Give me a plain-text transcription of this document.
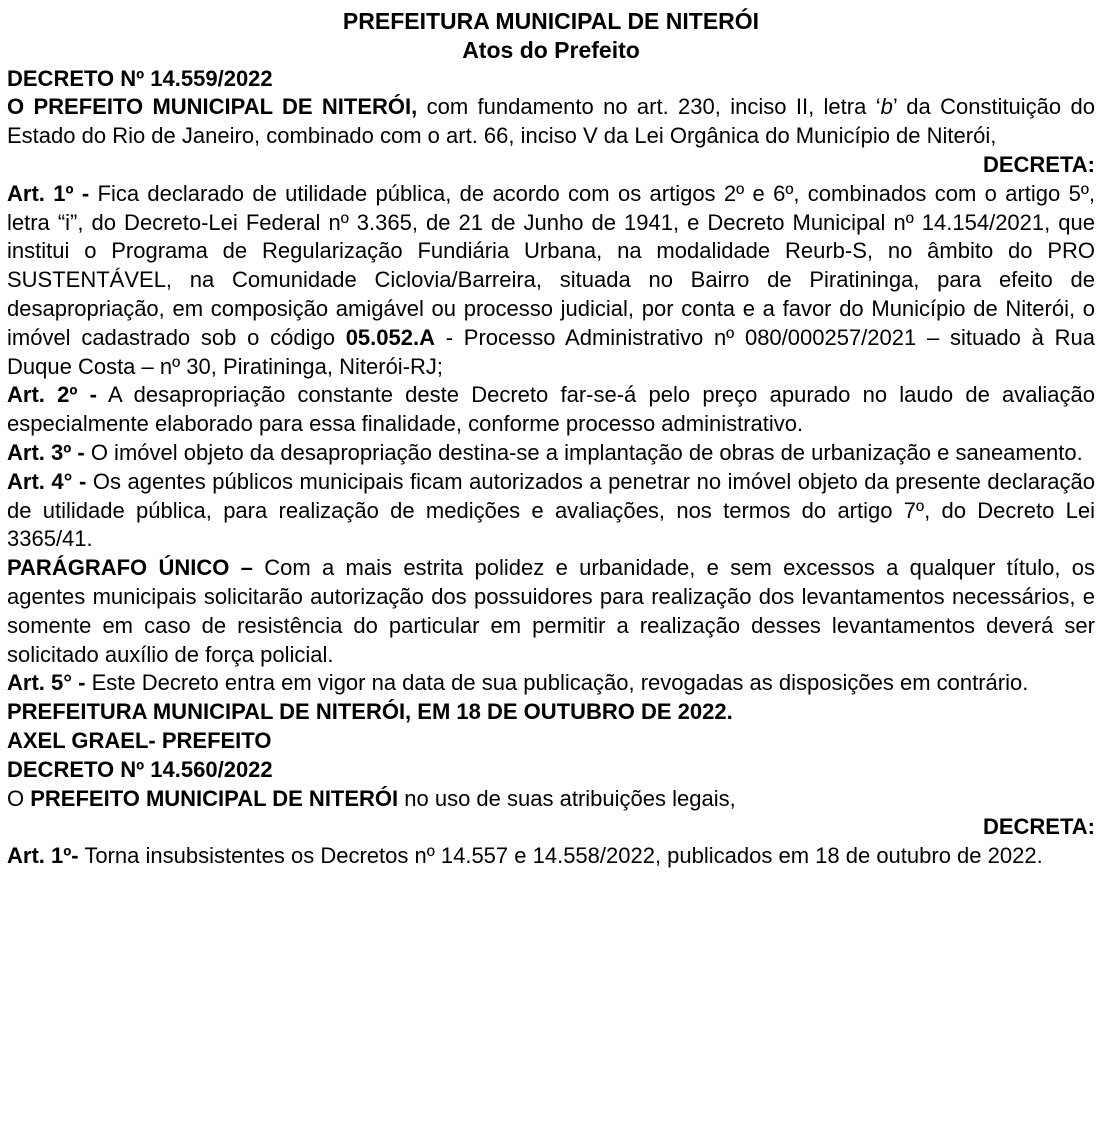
PREFEITURA MUNICIPAL DE NITERÓI
Atos do Prefeito
DECRETO Nº 14.559/2022

O PREFEITO MUNICIPAL DE NITERÓI, com fundamento no art. 230, inciso II, letra ‘b’ da Constituição do Estado do Rio de Janeiro, combinado com o art. 66, inciso V da Lei Orgânica do Município de Niterói,

DECRETA:

Art. 1º - Fica declarado de utilidade pública, de acordo com os artigos 2º e 6º, combinados com o artigo 5º, letra “i”, do Decreto-Lei Federal nº 3.365, de 21 de Junho de 1941, e Decreto Municipal nº 14.154/2021, que institui o Programa de Regularização Fundiária Urbana, na modalidade Reurb-S, no âmbito do PRO SUSTENTÁVEL, na Comunidade Ciclovia/Barreira, situada no Bairro de Piratininga, para efeito de desapropriação, em composição amigável ou processo judicial, por conta e a favor do Município de Niterói, o imóvel cadastrado sob o código 05.052.A - Processo Administrativo nº 080/000257/2021 – situado à Rua Duque Costa – nº 30, Piratininga, Niterói-RJ;

Art. 2º - A desapropriação constante deste Decreto far-se-á pelo preço apurado no laudo de avaliação especialmente elaborado para essa finalidade, conforme processo administrativo.

Art. 3º - O imóvel objeto da desapropriação destina-se a implantação de obras de urbanização e saneamento.

Art. 4° - Os agentes públicos municipais ficam autorizados a penetrar no imóvel objeto da presente declaração de utilidade pública, para realização de medições e avaliações, nos termos do artigo 7º, do Decreto Lei 3365/41.

PARÁGRAFO ÚNICO – Com a mais estrita polidez e urbanidade, e sem excessos a qualquer título, os agentes municipais solicitarão autorização dos possuidores para realização dos levantamentos necessários, e somente em caso de resistência do particular em permitir a realização desses levantamentos deverá ser solicitado auxílio de força policial.

Art. 5° - Este Decreto entra em vigor na data de sua publicação, revogadas as disposições em contrário.

PREFEITURA MUNICIPAL DE NITERÓI, EM 18 DE OUTUBRO DE 2022.
AXEL GRAEL- PREFEITO
DECRETO Nº 14.560/2022

O PREFEITO MUNICIPAL DE NITERÓI no uso de suas atribuições legais,

DECRETA:

Art. 1º- Torna insubsistentes os Decretos nº 14.557 e 14.558/2022, publicados em 18 de outubro de 2022.
